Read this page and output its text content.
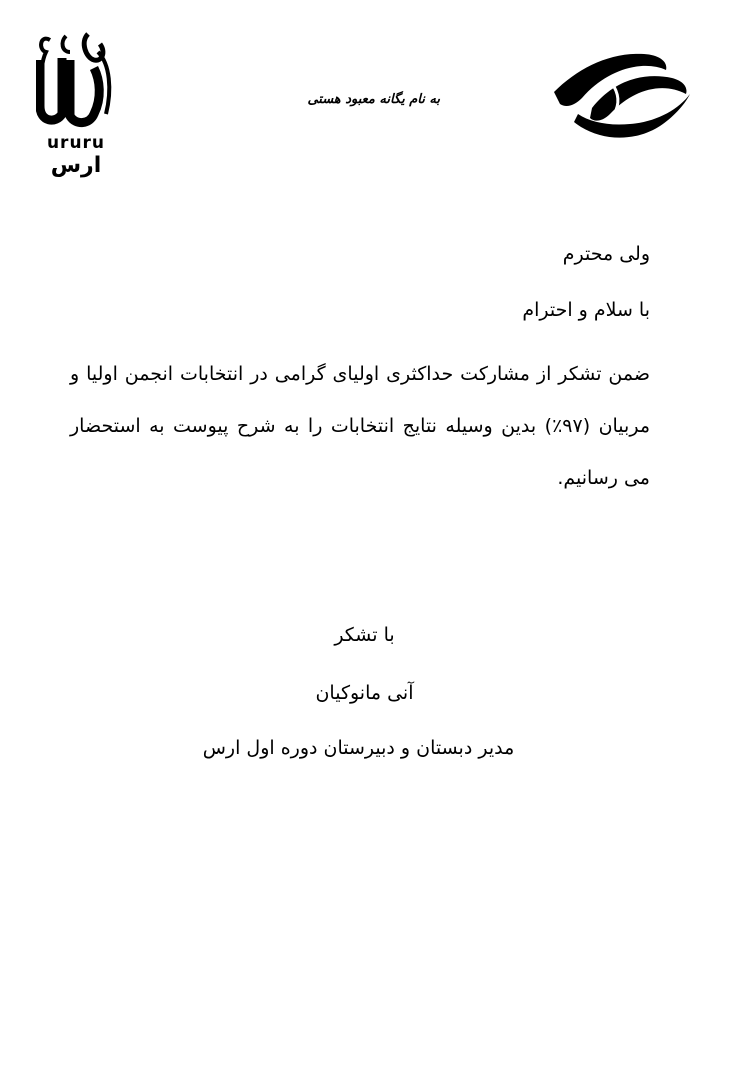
ururu
ارس
به نام یگانه معبود هستی
ولی محترم
با سلام و احترام
ضمن تشکر از مشارکت حداکثری اولیای گرامی در انتخابات انجمن اولیا و مربیان (۹۷٪) بدین وسیله نتایج انتخابات را به شرح پیوست به استحضار می رسانیم.
با تشکر
آنی مانوکیان
مدیر دبستان و دبیرستان دوره اول ارس
